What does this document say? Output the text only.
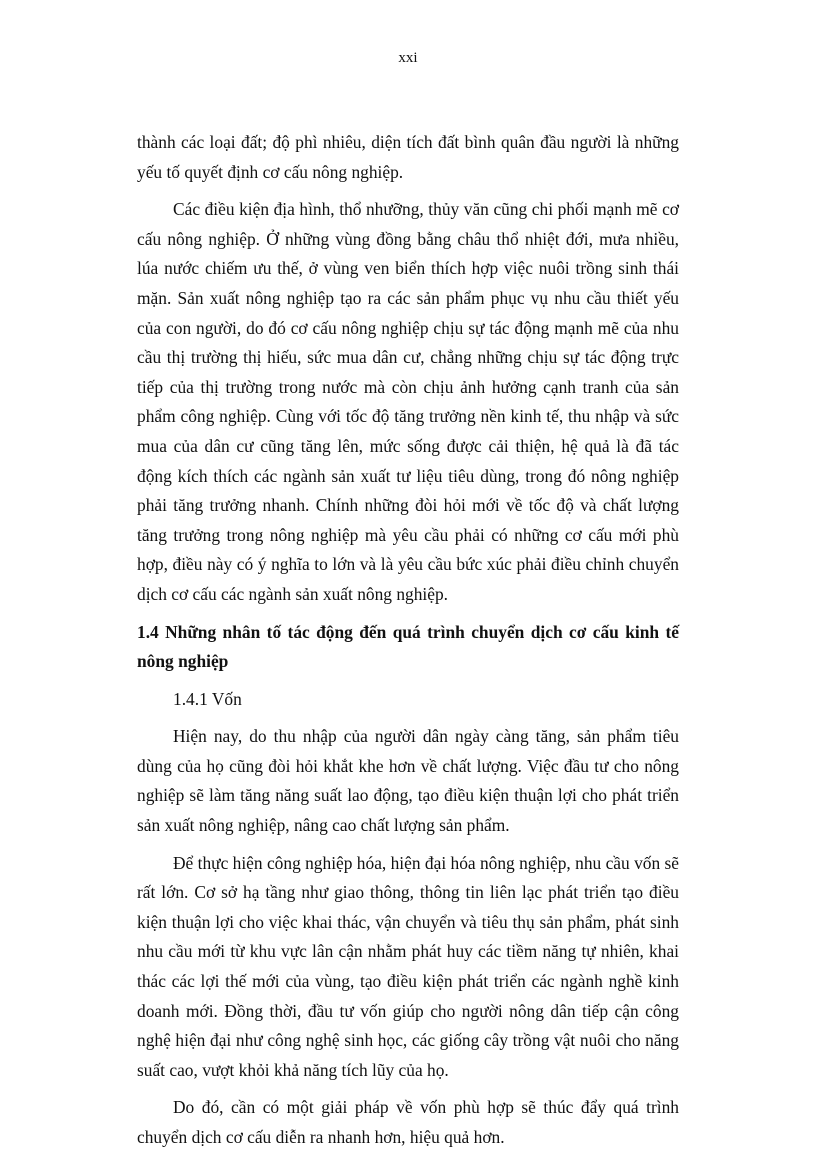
xxi

thành các loại đất; độ phì nhiêu, diện tích đất bình quân đầu người là những yếu tố quyết định cơ cấu nông nghiệp.

Các điều kiện địa hình, thổ nhưỡng, thủy văn cũng chi phối mạnh mẽ cơ cấu nông nghiệp. Ở những vùng đồng bằng châu thổ nhiệt đới, mưa nhiều, lúa nước chiếm ưu thế, ở vùng ven biển thích hợp việc nuôi trồng sinh thái mặn. Sản xuất nông nghiệp tạo ra các sản phẩm phục vụ nhu cầu thiết yếu của con người, do đó cơ cấu nông nghiệp chịu sự tác động mạnh mẽ của nhu cầu thị trường thị hiếu, sức mua dân cư, chẳng những chịu sự tác động trực tiếp của thị trường trong nước mà còn chịu ảnh hưởng cạnh tranh của sản phẩm công nghiệp. Cùng với tốc độ tăng trưởng nền kinh tế, thu nhập và sức mua của dân cư cũng tăng lên, mức sống được cải thiện, hệ quả là đã tác động kích thích các ngành sản xuất tư liệu tiêu dùng, trong đó nông nghiệp phải tăng trưởng nhanh. Chính những đòi hỏi mới về tốc độ và chất lượng tăng trưởng trong nông nghiệp mà yêu cầu phải có những cơ cấu mới phù hợp, điều này có ý nghĩa to lớn và là yêu cầu bức xúc phải điều chỉnh chuyển dịch cơ cấu các ngành sản xuất nông nghiệp.

1.4 Những nhân tố tác động đến quá trình chuyển dịch cơ cấu kinh tế nông nghiệp
1.4.1 Vốn

Hiện nay, do thu nhập của người dân ngày càng tăng, sản phẩm tiêu dùng của họ cũng đòi hỏi khắt khe hơn về chất lượng. Việc đầu tư cho nông nghiệp sẽ làm tăng năng suất lao động, tạo điều kiện thuận lợi cho phát triển sản xuất nông nghiệp, nâng cao chất lượng sản phẩm.

Để thực hiện công nghiệp hóa, hiện đại hóa nông nghiệp, nhu cầu vốn sẽ rất lớn. Cơ sở hạ tầng như giao thông, thông tin liên lạc phát triển tạo điều kiện thuận lợi cho việc khai thác, vận chuyển và tiêu thụ sản phẩm, phát sinh nhu cầu mới từ khu vực lân cận nhằm phát huy các tiềm năng tự nhiên, khai thác các lợi thế mới của vùng, tạo điều kiện phát triển các ngành nghề kinh doanh mới. Đồng thời, đầu tư vốn giúp cho người nông dân tiếp cận công nghệ hiện đại như công nghệ sinh học, các giống cây trồng vật nuôi cho năng suất cao, vượt khỏi khả năng tích lũy của họ.

Do đó, cần có một giải pháp về vốn phù hợp sẽ thúc đẩy quá trình chuyển dịch cơ cấu diễn ra nhanh hơn, hiệu quả hơn.
